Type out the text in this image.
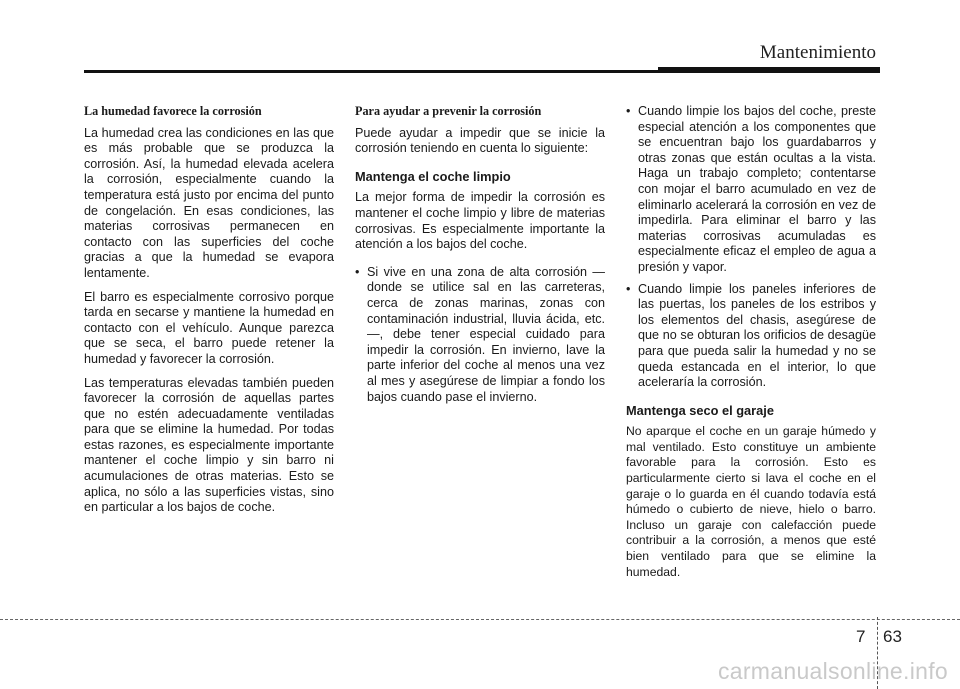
Mantenimiento
La humedad favorece la corrosión

La humedad crea las condiciones en las que es más probable que se produzca la corrosión. Así, la humedad elevada acelera la corrosión, especialmente cuando la temperatura está justo por encima del punto de congelación. En esas condiciones, las materias corrosivas permanecen en contacto con las superficies del coche gracias a que la humedad se evapora lentamente.

El barro es especialmente corrosivo porque tarda en secarse y mantiene la humedad en contacto con el vehículo. Aunque parezca que se seca, el barro puede retener la humedad y favorecer la corrosión.

Las temperaturas elevadas también pueden favorecer la corrosión de aquellas partes que no estén adecuadamente ventiladas para que se elimine la humedad. Por todas estas razones, es especialmente importante mantener el coche limpio y sin barro ni acumulaciones de otras materias. Esto se aplica, no sólo a las superficies vistas, sino en particular a los bajos de coche.

Para ayudar a prevenir la corrosión

Puede ayudar a impedir que se inicie la corrosión teniendo en cuenta lo siguiente:

Mantenga el coche limpio

La mejor forma de impedir la corrosión es mantener el coche limpio y libre de materias corrosivas. Es especialmente importante la atención a los bajos del coche.

• Si vive en una zona de alta corrosión — donde se utilice sal en las carreteras, cerca de zonas marinas, zonas con contaminación industrial, lluvia ácida, etc.—, debe tener especial cuidado para impedir la corrosión. En invierno, lave la parte inferior del coche al menos una vez al mes y asegúrese de limpiar a fondo los bajos cuando pase el invierno.
• Cuando limpie los bajos del coche, preste especial atención a los componentes que se encuentran bajo los guardabarros y otras zonas que están ocultas a la vista. Haga un trabajo completo; contentarse con mojar el barro acumulado en vez de eliminarlo acelerará la corrosión en vez de impedirla. Para eliminar el barro y las materias corrosivas acumuladas es especialmente eficaz el empleo de agua a presión y vapor.
• Cuando limpie los paneles inferiores de las puertas, los paneles de los estribos y los elementos del chasis, asegúrese de que no se obturan los orificios de desagüe para que pueda salir la humedad y no se queda estancada en el interior, lo que aceleraría la corrosión.
Mantenga seco el garaje

No aparque el coche en un garaje húmedo y mal ventilado. Esto constituye un ambiente favorable para la corrosión. Esto es particularmente cierto si lava el coche en el garaje o lo guarda en él cuando todavía está húmedo o cubierto de nieve, hielo o barro. Incluso un garaje con calefacción puede contribuir a la corrosión, a menos que esté bien ventilado para que se elimine la humedad.

7 63
carmanualsonline.info
